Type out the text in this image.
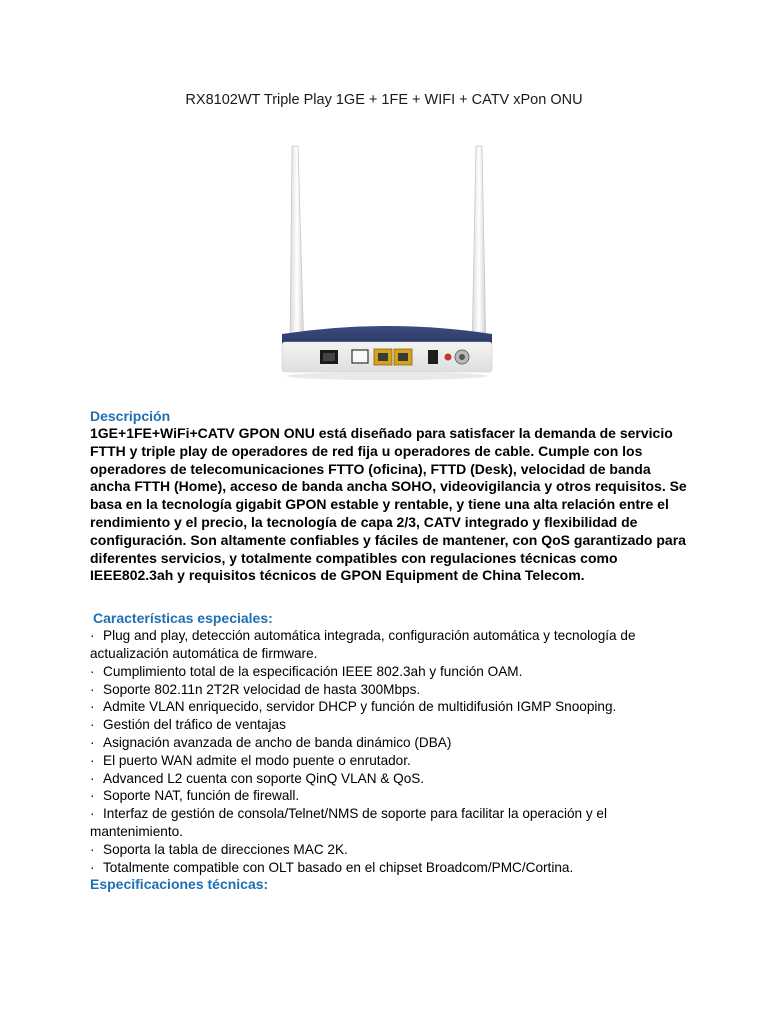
RX8102WT Triple Play 1GE + 1FE + WIFI + CATV xPon ONU

Descripción

1GE+1FE+WiFi+CATV GPON ONU está diseñado para satisfacer la demanda de servicio FTTH y triple play de operadores de red fija u operadores de cable. Cumple con los operadores de telecomunicaciones FTTO (oficina), FTTD (Desk), velocidad de banda ancha FTTH (Home), acceso de banda ancha SOHO, videovigilancia y otros requisitos. Se basa en la tecnología gigabit GPON estable y rentable, y tiene una alta relación entre el rendimiento y el precio, la tecnología de capa 2/3, CATV integrado y flexibilidad de configuración. Son altamente confiables y fáciles de mantener, con QoS garantizado para diferentes servicios, y totalmente compatibles con regulaciones técnicas como IEEE802.3ah y requisitos técnicos de GPON Equipment de China Telecom.

Características especiales:

· Plug and play, detección automática integrada, configuración automática y tecnología de actualización automática de firmware.
· Cumplimiento total de la especificación IEEE 802.3ah y función OAM.
· Soporte 802.11n 2T2R velocidad de hasta 300Mbps.
· Admite VLAN enriquecido, servidor DHCP y función de multidifusión IGMP Snooping.
· Gestión del tráfico de ventajas
· Asignación avanzada de ancho de banda dinámico (DBA)
· El puerto WAN admite el modo puente o enrutador.
· Advanced L2 cuenta con soporte QinQ VLAN & QoS.
· Soporte NAT, función de firewall.
· Interfaz de gestión de consola/Telnet/NMS de soporte para facilitar la operación y el mantenimiento.
· Soporta la tabla de direcciones MAC 2K.
· Totalmente compatible con OLT basado en el chipset Broadcom/PMC/Cortina.

Especificaciones técnicas:
